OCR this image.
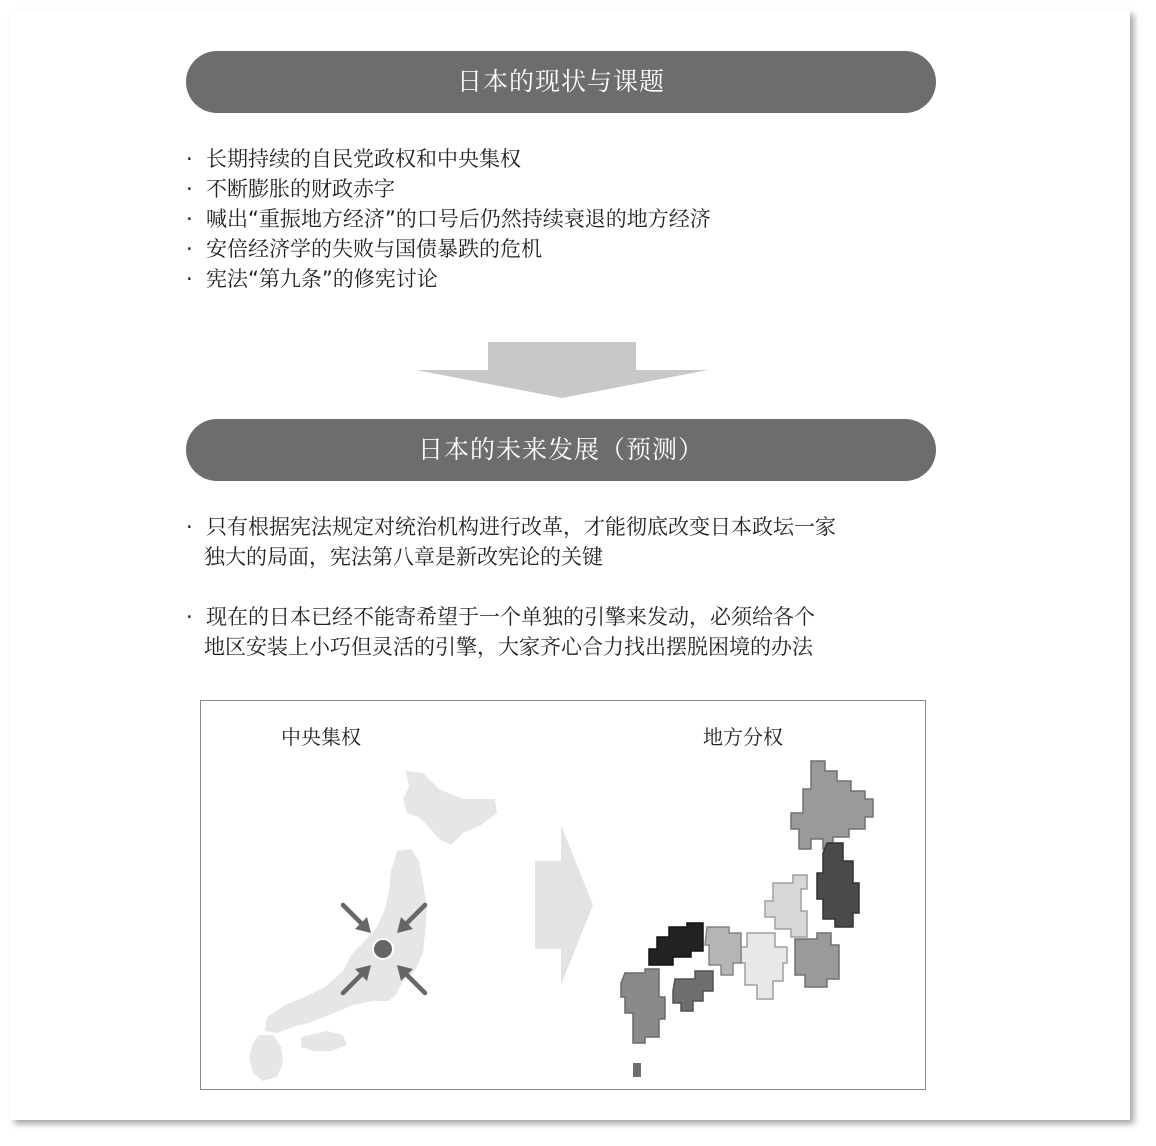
日本的现状与课题
· 长期持续的自民党政权和中央集权
· 不断膨胀的财政赤字
· 喊出“重振地方经济”的口号后仍然持续衰退的地方经济
· 安倍经济学的失败与国债暴跌的危机
· 宪法“第九条”的修宪讨论
日本的未来发展（预测）
· 只有根据宪法规定对统治机构进行改革，才能彻底改变日本政坛一家
独大的局面，宪法第八章是新改宪论的关键
· 现在的日本已经不能寄希望于一个单独的引擎来发动，必须给各个
地区安装上小巧但灵活的引擎，大家齐心合力找出摆脱困境的办法
中央集权	地方分权
